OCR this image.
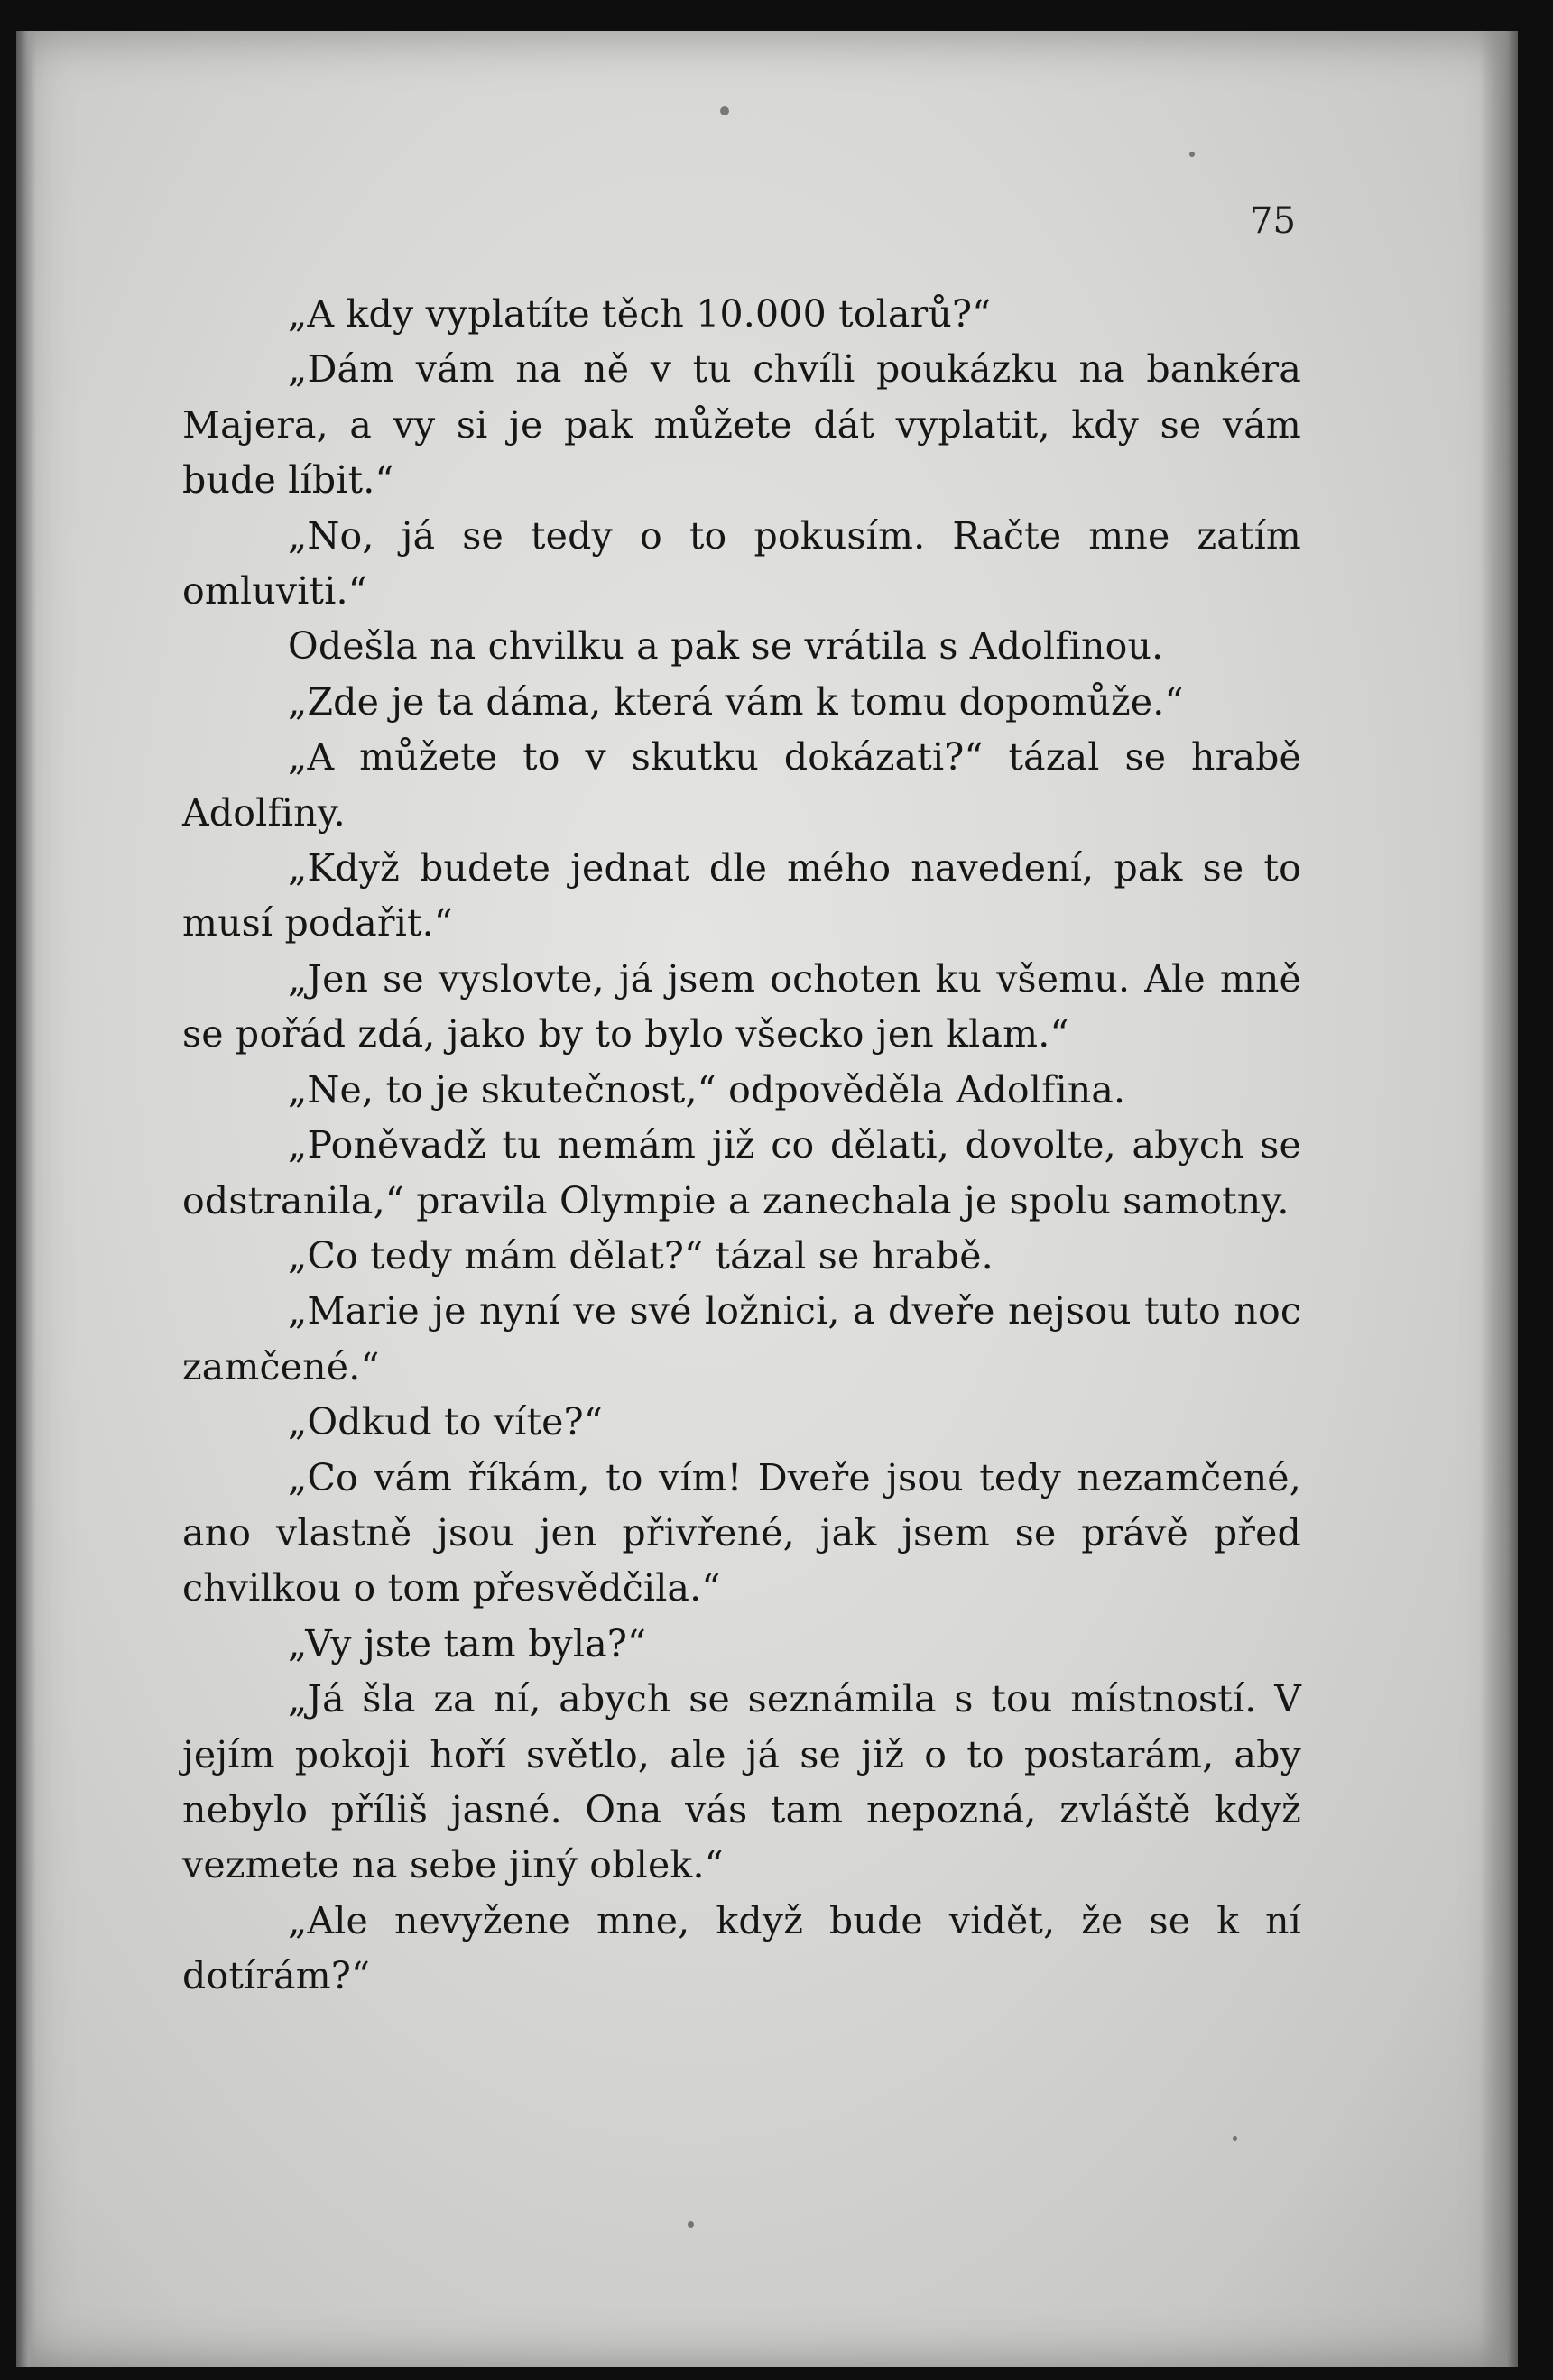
75

„A kdy vyplatíte těch 10.000 tolarů?“

„Dám vám na ně v tu chvíli poukázku na bankéra Majera, a vy si je pak můžete dát vyplatit, kdy se vám bude líbit.“

„No, já se tedy o to pokusím. Račte mne zatím omluviti.“

Odešla na chvilku a pak se vrátila s Adolfinou.

„Zde je ta dáma, která vám k tomu dopomůže.“

„A můžete to v skutku dokázati?“ tázal se hrabě Adolfiny.

„Když budete jednat dle mého navedení, pak se to musí podařit.“

„Jen se vyslovte, já jsem ochoten ku všemu. Ale mně se pořád zdá, jako by to bylo všecko jen klam.“

„Ne, to je skutečnost,“ odpověděla Adolfina.

„Poněvadž tu nemám již co dělati, dovolte, abych se odstranila,“ pravila Olympie a zanechala je spolu samotny.

„Co tedy mám dělat?“ tázal se hrabě.

„Marie je nyní ve své ložnici, a dveře nejsou tuto noc zamčené.“

„Odkud to víte?“

„Co vám říkám, to vím! Dveře jsou tedy nezamčené, ano vlastně jsou jen přivřené, jak jsem se právě před chvilkou o tom přesvědčila.“

„Vy jste tam byla?“

„Já šla za ní, abych se seznámila s tou místností. V jejím pokoji hoří světlo, ale já se již o to postarám, aby nebylo příliš jasné. Ona vás tam nepozná, zvláště když vezmete na sebe jiný oblek.“

„Ale nevyžene mne, když bude vidět, že se k ní dotírám?“
